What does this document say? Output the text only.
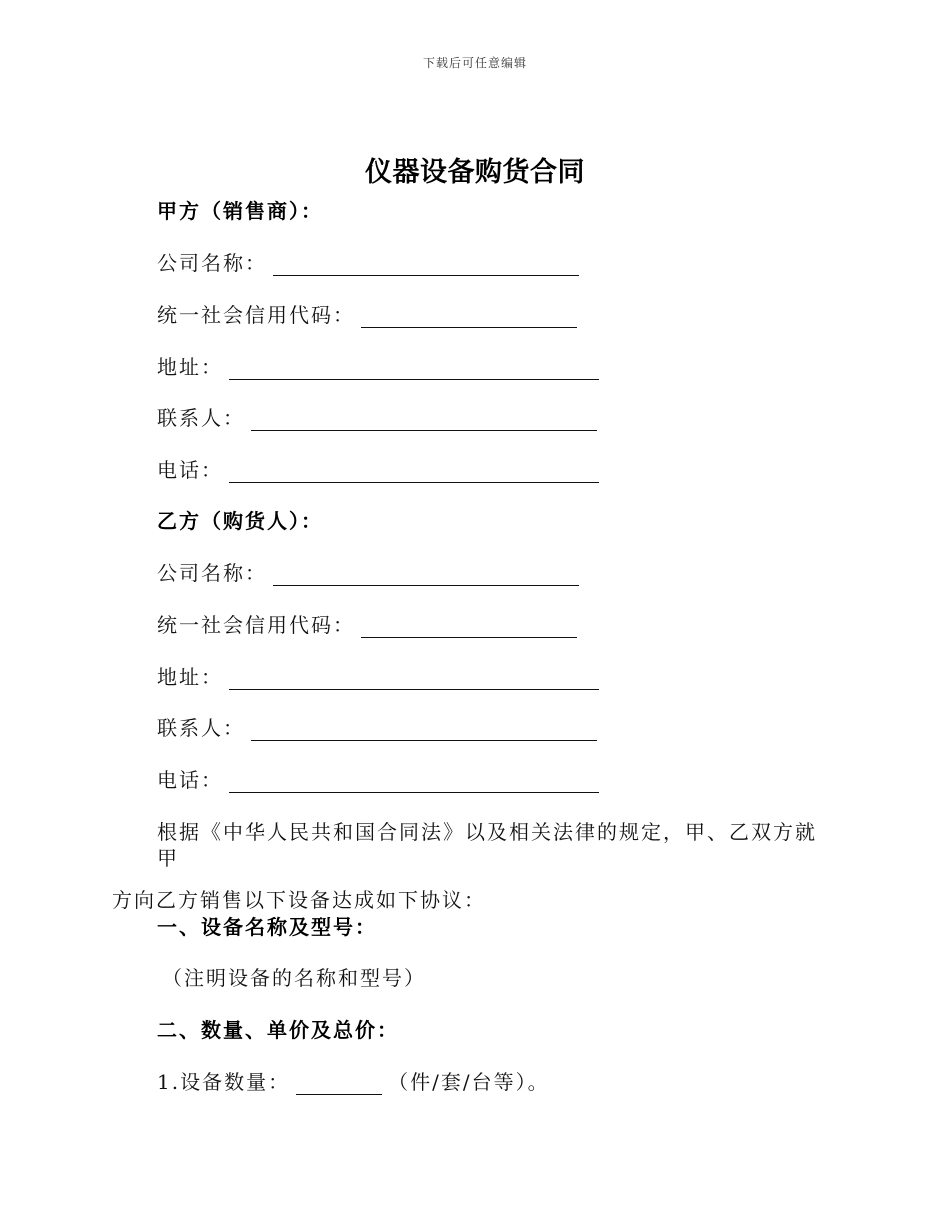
下载后可任意编辑
仪器设备购货合同
甲方（销售商）：
公司名称：
统一社会信用代码：
地址：
联系人：
电话：
乙方（购货人）：
公司名称：
统一社会信用代码：
地址：
联系人：
电话：
根据《中华人民共和国合同法》以及相关法律的规定，甲、乙双方就甲
方向乙方销售以下设备达成如下协议：
一、设备名称及型号：
（注明设备的名称和型号）
二、数量、单价及总价：
1.设备数量：	（件/套/台等）。
